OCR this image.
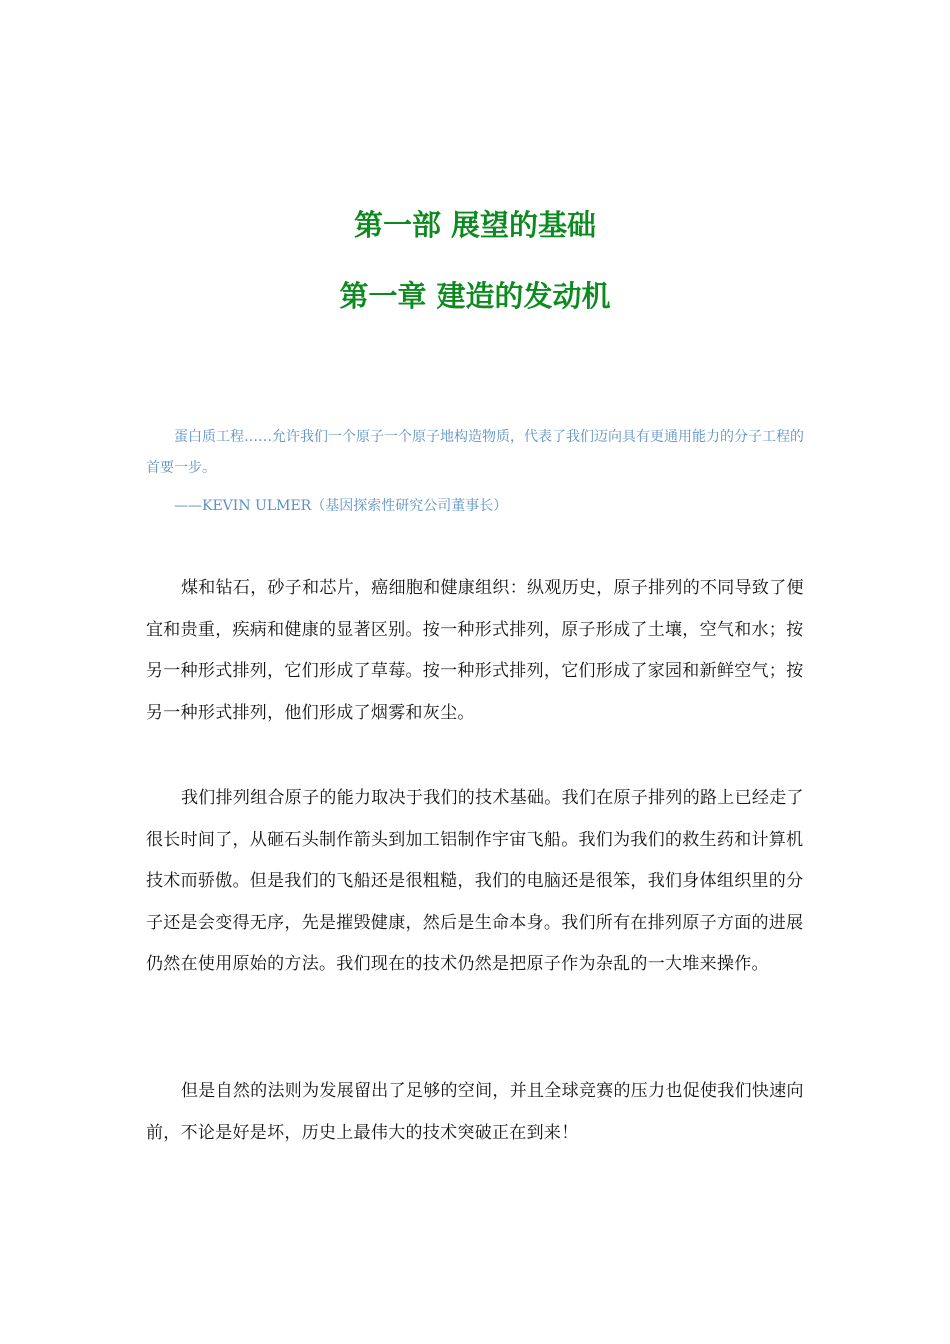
第一部 展望的基础
第一章 建造的发动机

蛋白质工程……允许我们一个原子一个原子地构造物质，代表了我们迈向具有更通用能力的分子工程的首要一步。

——KEVIN ULMER（基因探索性研究公司董事长）

煤和钻石，砂子和芯片，癌细胞和健康组织：纵观历史，原子排列的不同导致了便宜和贵重，疾病和健康的显著区别。按一种形式排列，原子形成了土壤，空气和水；按另一种形式排列，它们形成了草莓。按一种形式排列，它们形成了家园和新鲜空气；按另一种形式排列，他们形成了烟雾和灰尘。

我们排列组合原子的能力取决于我们的技术基础。我们在原子排列的路上已经走了很长时间了，从砸石头制作箭头到加工铝制作宇宙飞船。我们为我们的救生药和计算机技术而骄傲。但是我们的飞船还是很粗糙，我们的电脑还是很笨，我们身体组织里的分子还是会变得无序，先是摧毁健康，然后是生命本身。我们所有在排列原子方面的进展仍然在使用原始的方法。我们现在的技术仍然是把原子作为杂乱的一大堆来操作。

但是自然的法则为发展留出了足够的空间，并且全球竞赛的压力也促使我们快速向前，不论是好是坏，历史上最伟大的技术突破正在到来！
